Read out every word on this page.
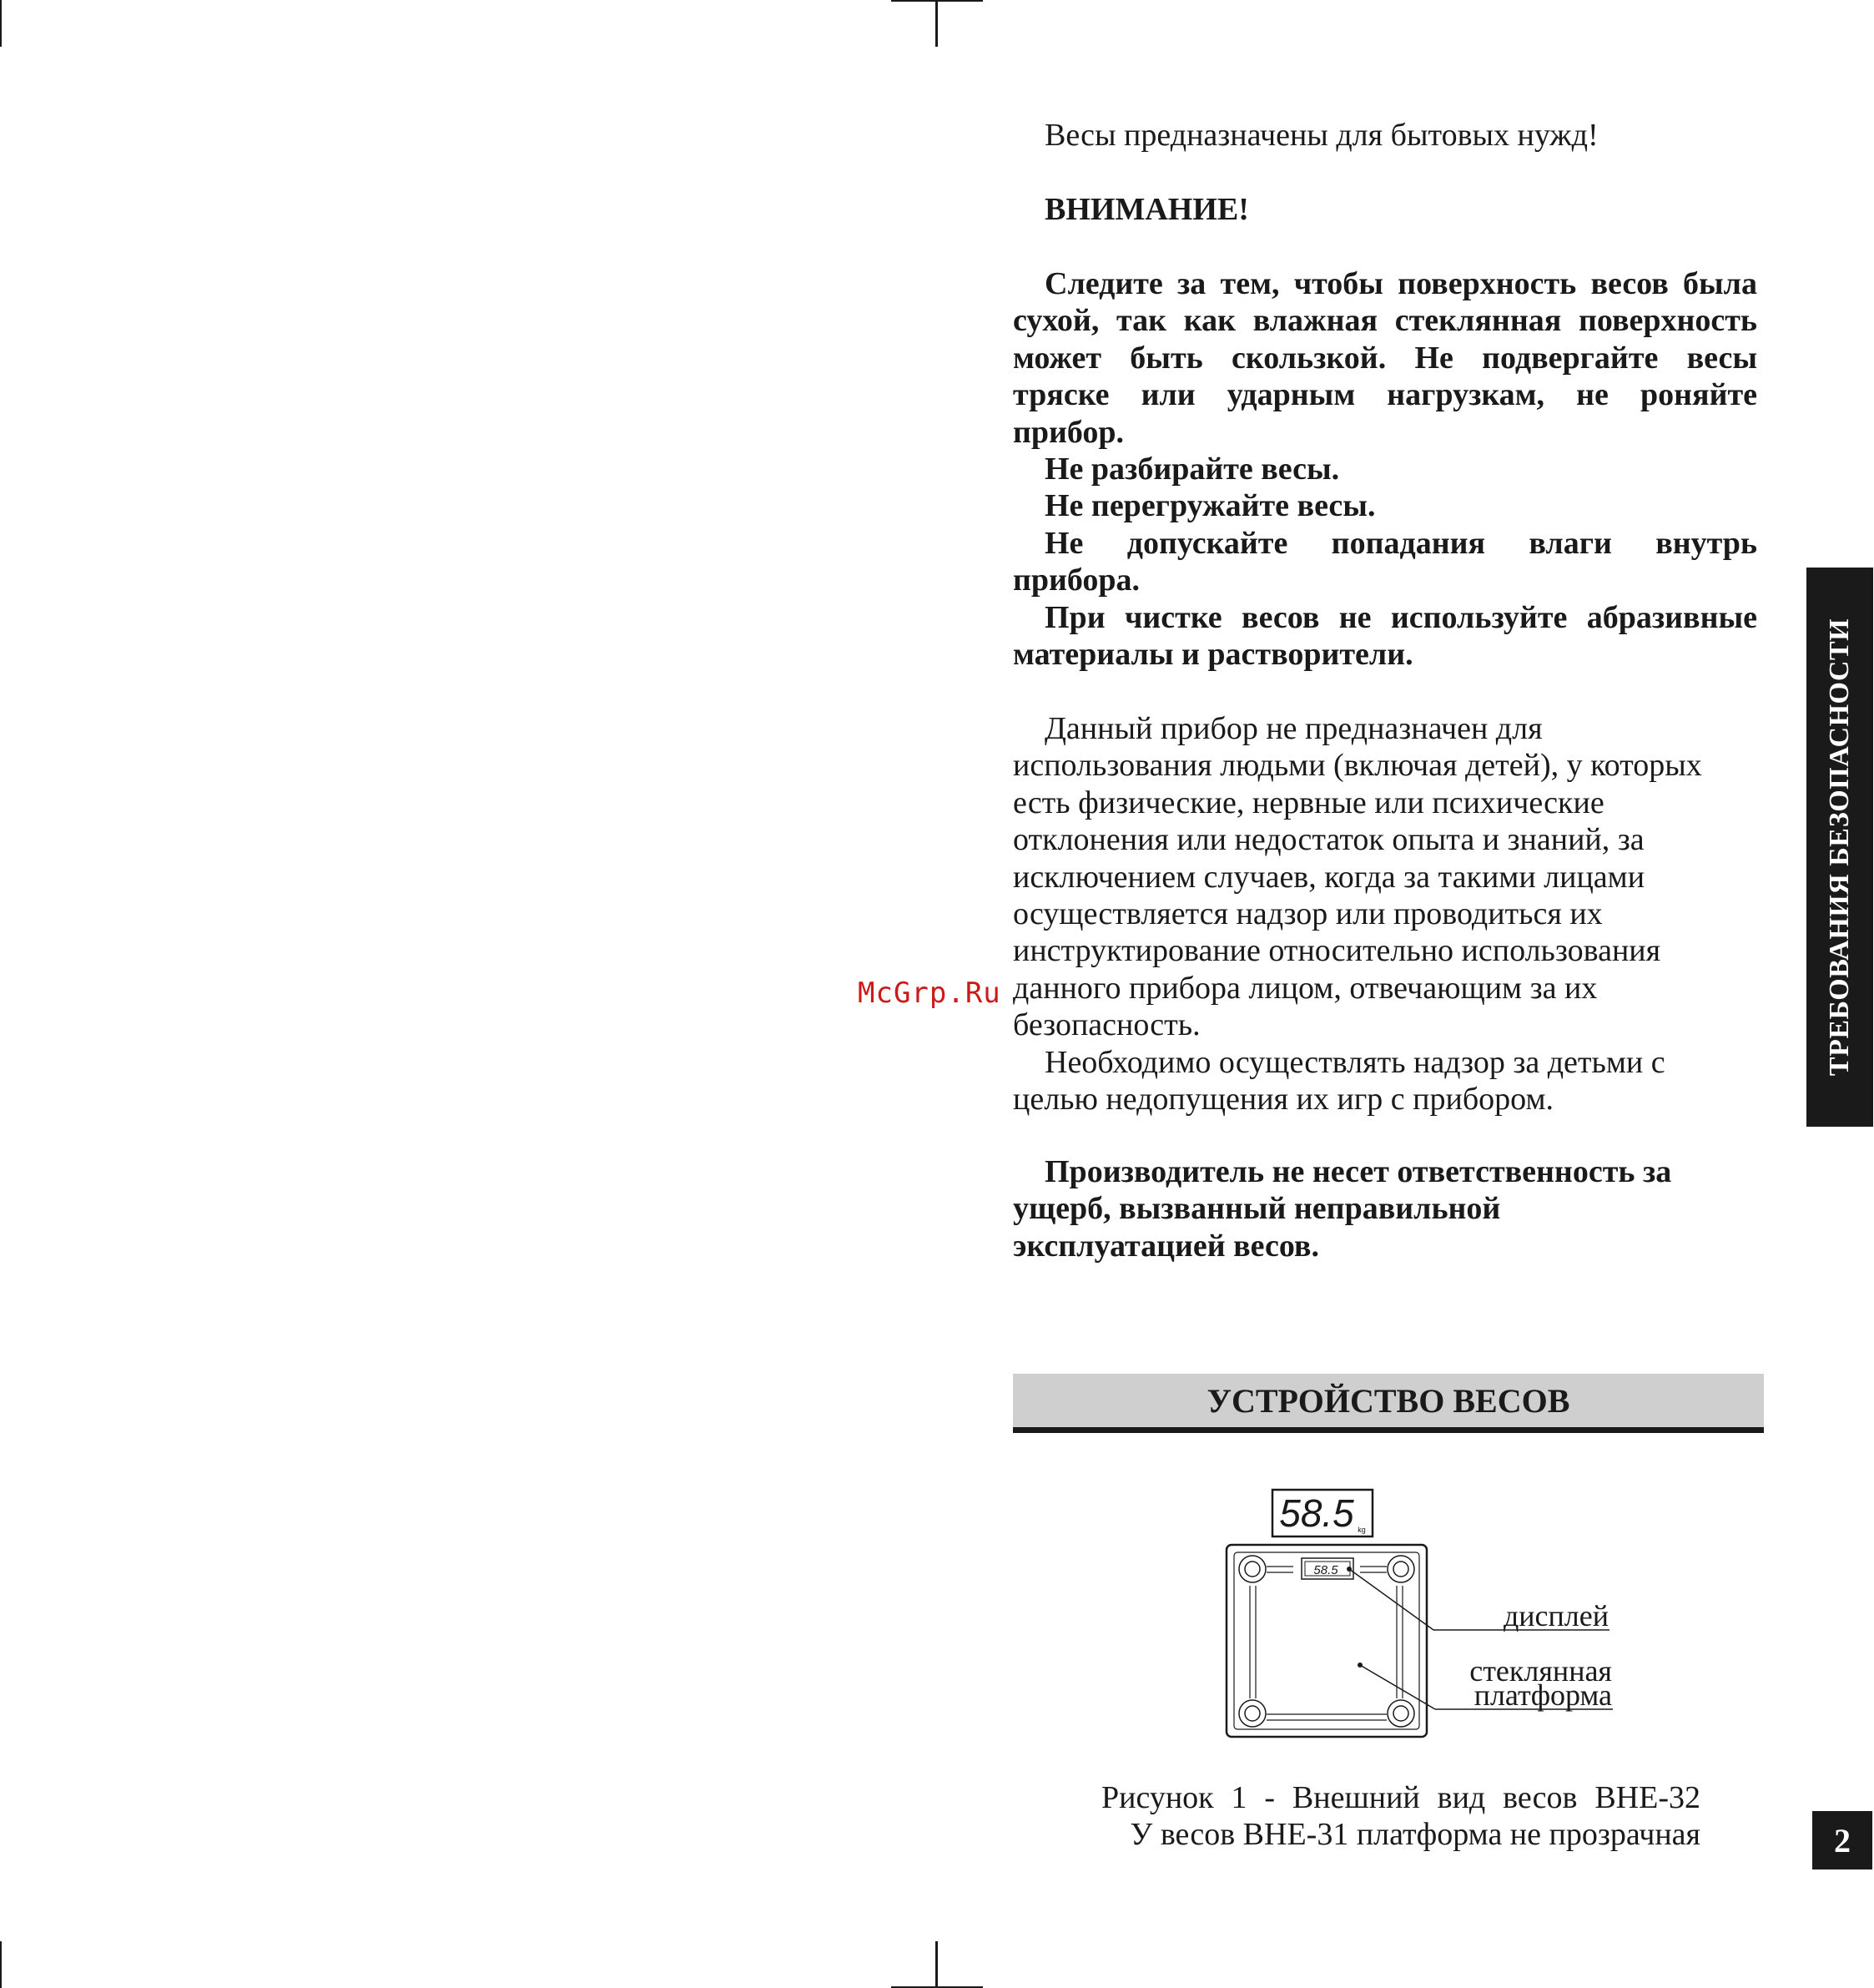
Весы предназначены для бытовых нужд!

ВНИМАНИЕ!

Следите за тем, чтобы поверхность весов была
сухой, так как влажная стеклянная поверхность
может быть скользкой. Не подвергайте весы
тряске или ударным нагрузкам, не роняйте
прибор.

Не разбирайте весы.

Не перегружайте весы.

Не допускайте попадания влаги внутрь
прибора.
При чистке весов не используйте абразивные
материалы и растворители.
Данный прибор не предназначен для
использования людьми (включая детей), у которых
есть физические, нервные или психические
отклонения или недостаток опыта и знаний, за
исключением случаев, когда за такими лицами
осуществляется надзор или проводиться их
инструктирование относительно использования
данного прибора лицом, отвечающим за их
безопасность.
Необходимо осуществлять надзор за детьми с
целью недопущения их игр с прибором.
Производитель не несет ответственность за
ущерб, вызванный неправильной
эксплуатацией весов.
ТРЕБОВАНИЯ БЕЗОПАСНОСТИ
McGrp.Ru
УСТРОЙСТВО ВЕСОВ
58.5 kg
58.5
дисплей
стеклянная
платформа
Рисунок 1 - Внешний вид весов ВНЕ-32
У весов ВНЕ-31 платформа не прозрачная	2
